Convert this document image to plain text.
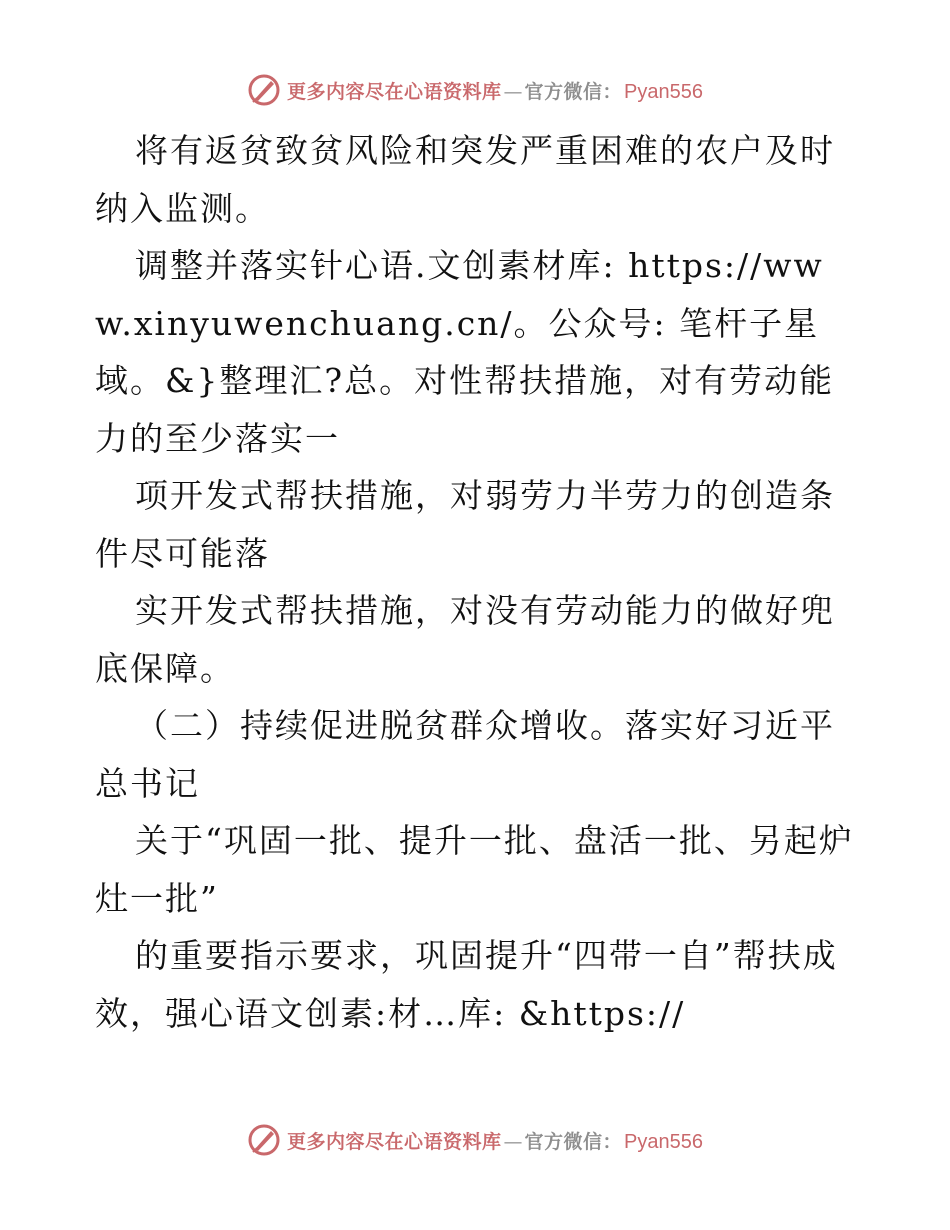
更多内容尽在心语资料库 — 官方微信： Pyan556

将有返贫致贫风险和突发严重困难的农户及时纳入监测。

调整并落实针心语.文创素材库: https://www.xinyuwenchuang.cn/。公众号: 笔杆子星域。&}整理汇?总。对性帮扶措施，对有劳动能力的至少落实一

项开发式帮扶措施，对弱劳力半劳力的创造条件尽可能落

实开发式帮扶措施，对没有劳动能力的做好兜底保障。

（二）持续促进脱贫群众增收。落实好习近平总书记

关于“巩固一批、提升一批、盘活一批、另起炉灶一批”

的重要指示要求，巩固提升“四带一自”帮扶成效，强心语文创素:材…库: &https://

更多内容尽在心语资料库 — 官方微信： Pyan556
